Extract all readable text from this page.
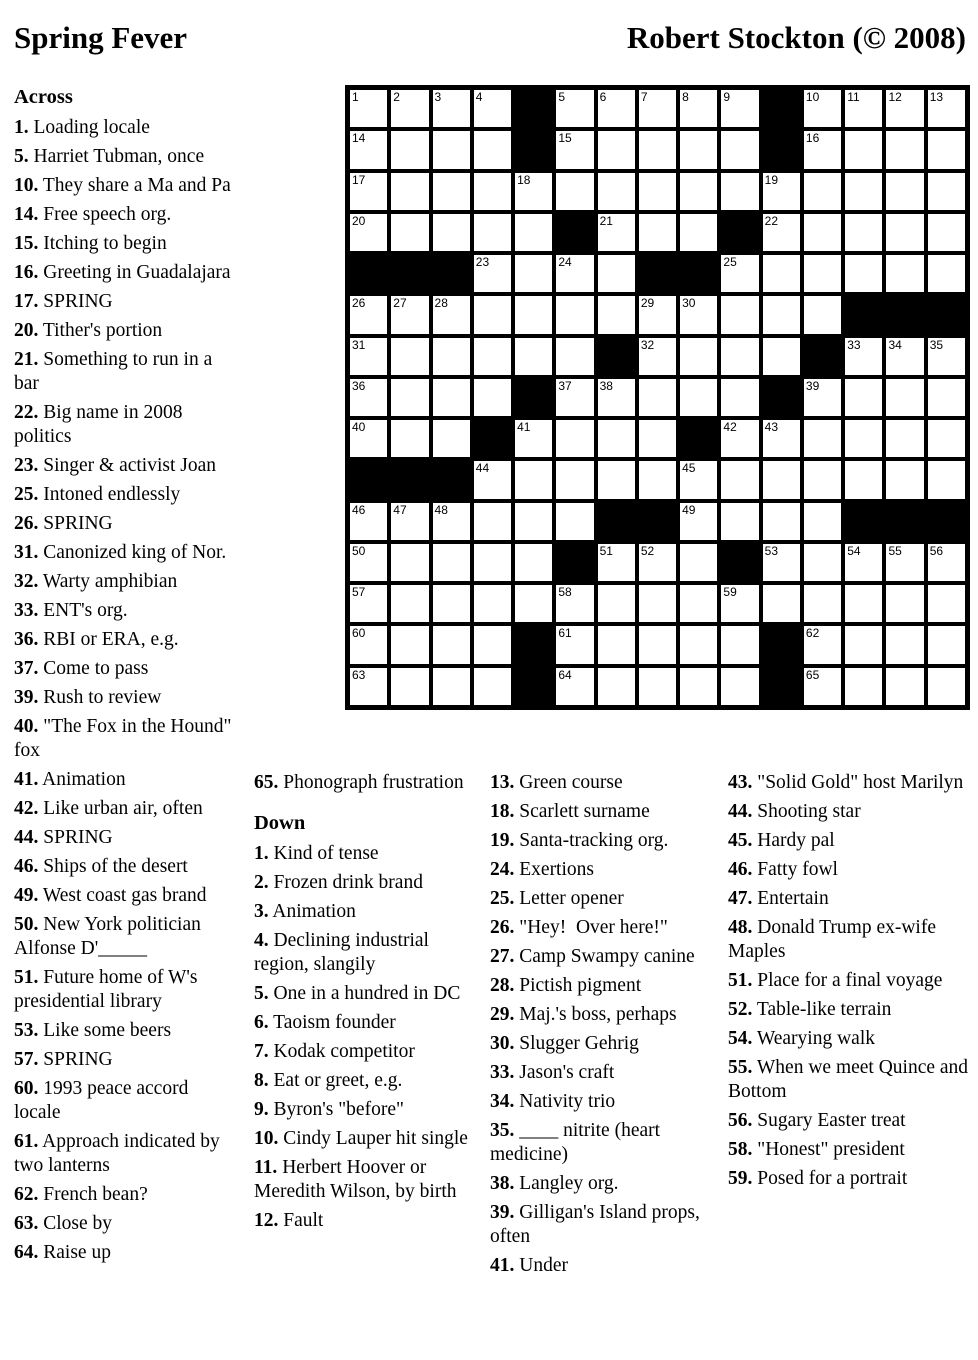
Spring Fever	Robert Stockton (© 2008)
1	2	3	4	5	6	7	8	9	10 11 12 13
14	15	16
17	18	19
20	21	22
23	24	25
26 27 28	29 30
31	32	33 34 35
36	37 38	39
40	41	42 43
44	45
46 47 48	49
50	51 52	53	54 55 56
57	58	59
60	61	62
63	64	65

Across

1. Loading locale

5. Harriet Tubman, once

10. They share a Ma and Pa

14. Free speech org.

15. Itching to begin

16. Greeting in Guadalajara

17. SPRING

20. Tither's portion

21. Something to run in a bar

22. Big name in 2008 politics

23. Singer & activist Joan

25. Intoned endlessly

26. SPRING

31. Canonized king of Nor.

32. Warty amphibian

33. ENT's org.

36. RBI or ERA, e.g.

37. Come to pass

39. Rush to review

40. "The Fox in the Hound" fox

41. Animation

42. Like urban air, often

44. SPRING

46. Ships of the desert

49. West coast gas brand

50. New York politician Alfonse D'_____

51. Future home of W's presidential library

53. Like some beers

57. SPRING

60. 1993 peace accord locale

61. Approach indicated by two lanterns

62. French bean?

63. Close by

64. Raise up

65. Phonograph frustration

Down

1. Kind of tense

2. Frozen drink brand

3. Animation

4. Declining industrial region, slangily

5. One in a hundred in DC

6. Taoism founder

7. Kodak competitor

8. Eat or greet, e.g.

9. Byron's "before"

10. Cindy Lauper hit single

11. Herbert Hoover or Meredith Wilson, by birth

12. Fault

13. Green course

18. Scarlett surname

19. Santa-tracking org.

24. Exertions

25. Letter opener

26. "Hey!  Over here!"

27. Camp Swampy canine

28. Pictish pigment

29. Maj.'s boss, perhaps

30. Slugger Gehrig

33. Jason's craft

34. Nativity trio

35. ____ nitrite (heart medicine)

38. Langley org.

39. Gilligan's Island props, often

41. Under

43. "Solid Gold" host Marilyn

44. Shooting star

45. Hardy pal

46. Fatty fowl

47. Entertain

48. Donald Trump ex-wife Maples

51. Place for a final voyage

52. Table-like terrain

54. Wearying walk

55. When we meet Quince and Bottom

56. Sugary Easter treat

58. "Honest" president

59. Posed for a portrait
